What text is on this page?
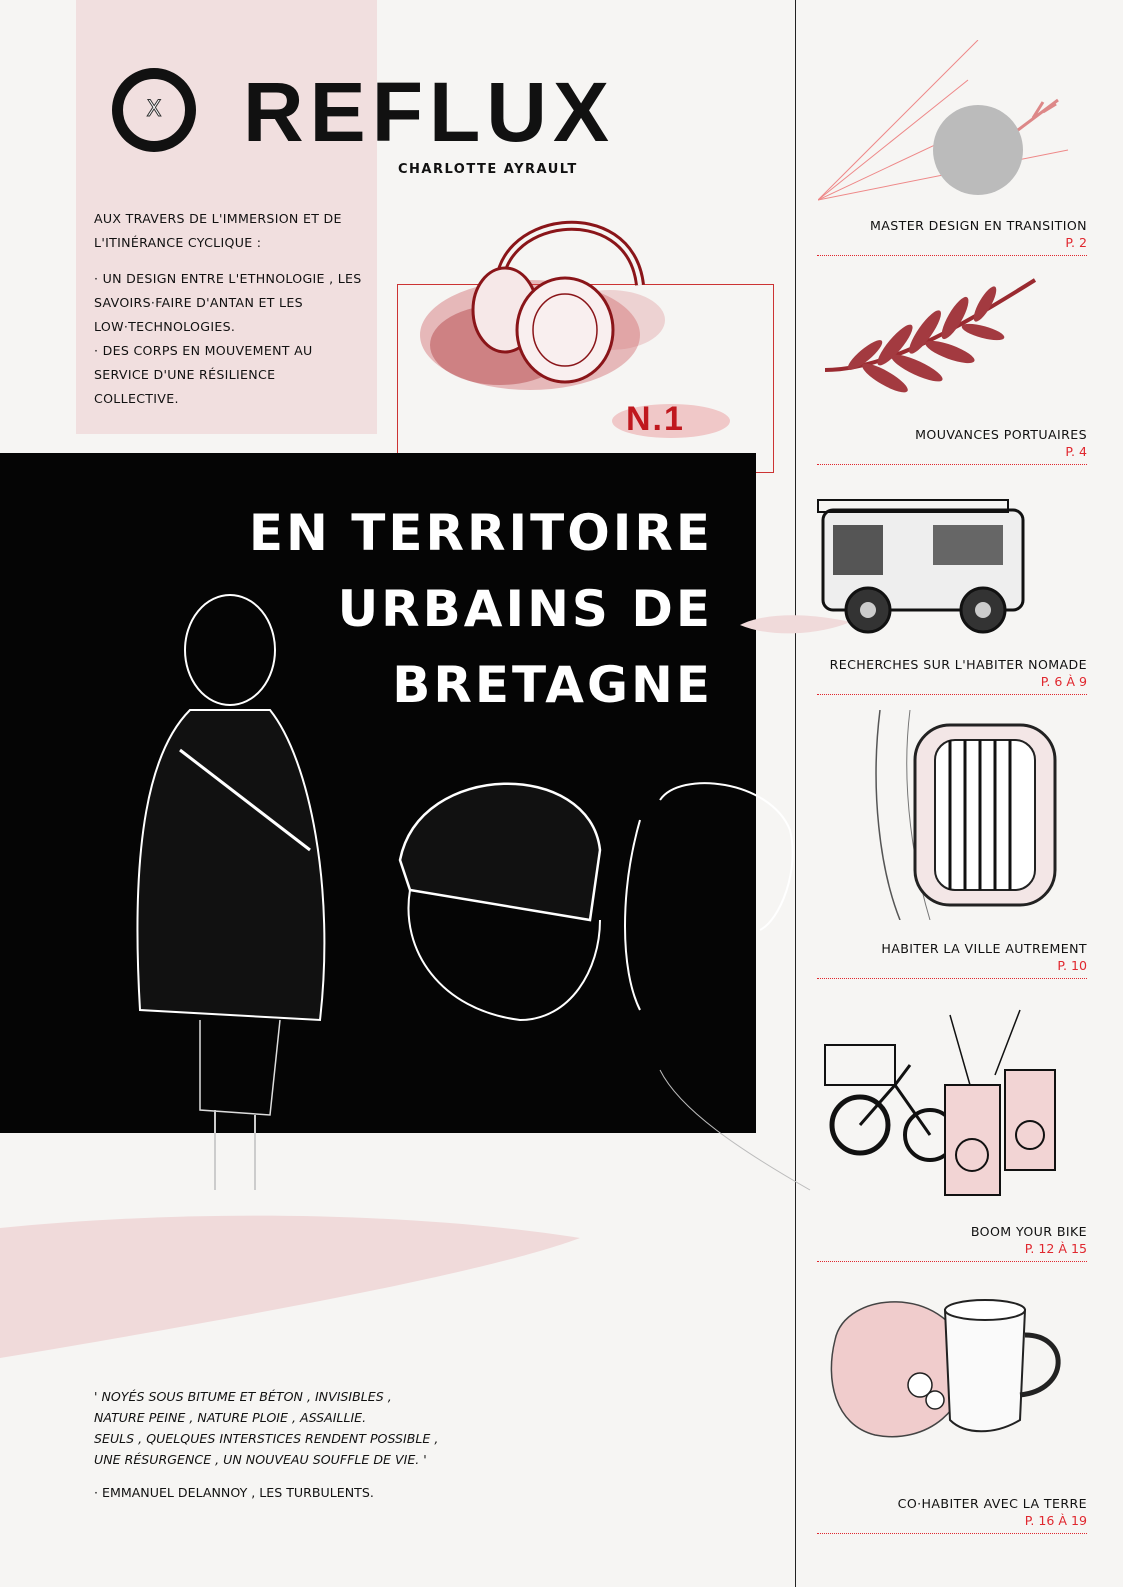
X REFLUX
CHARLOTTE AYRAULT

AUX TRAVERS DE L'IMMERSION ET DE L'ITINÉRANCE CYCLIQUE :

· UN DESIGN ENTRE L'ETHNOLOGIE , LES SAVOIRS·FAIRE D'ANTAN ET LES LOW·TECHNOLOGIES.

· DES CORPS EN MOUVEMENT AU SERVICE D'UNE RÉSILIENCE COLLECTIVE.

N.1
EN TERRITOIRE
URBAINS DE
BRETAGNE
' NOYÉS SOUS BITUME ET BÉTON , INVISIBLES ,
NATURE PEINE , NATURE PLOIE , ASSAILLIE.
SEULS , QUELQUES INTERSTICES RENDENT POSSIBLE ,
UNE RÉSURGENCE , UN NOUVEAU SOUFFLE DE VIE. '
· EMMANUEL DELANNOY , LES TURBULENTS.
MASTER DESIGN EN TRANSITION
P. 2
MOUVANCES PORTUAIRES
P. 4
RECHERCHES SUR L'HABITER NOMADE
P. 6 À 9
HABITER LA VILLE AUTREMENT
P. 10
BOOM YOUR BIKE
P. 12 À 15
CO·HABITER AVEC LA TERRE
P. 16 À 19
